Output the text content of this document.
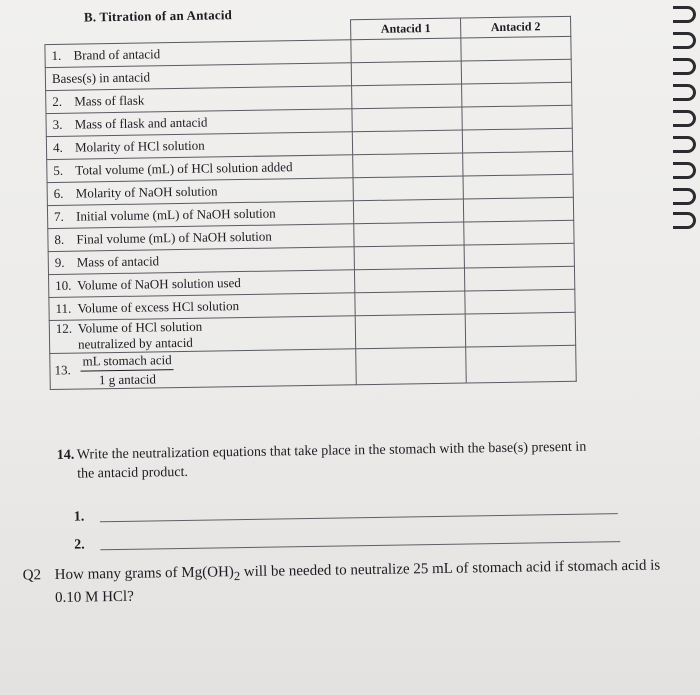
B. Titration of an Antacid
	Antacid 1	Antacid 2
1. Brand of antacid		
Bases(s) in antacid		
2. Mass of flask		
3. Mass of flask and antacid		
4. Molarity of HCl solution		
5. Total volume (mL) of HCl solution added		
6. Molarity of NaOH solution		
7. Initial volume (mL) of NaOH solution		
8. Final volume (mL) of NaOH solution		
9. Mass of antacid		
10. Volume of NaOH solution used		
11. Volume of excess HCl solution		
12. Volume of HCl solution
neutralized by antacid		
13. $\frac{\text{mL stomach acid}}{\text{1 g antacid}}$

14. Write the neutralization equations that take place in the stomach with the base(s) present in the antacid product.
1.
2.
Q2 How many grams of $Mg(OH)_2$ will be needed to neutralize 25 mL of stomach acid if stomach acid is 0.10 M HCl?
